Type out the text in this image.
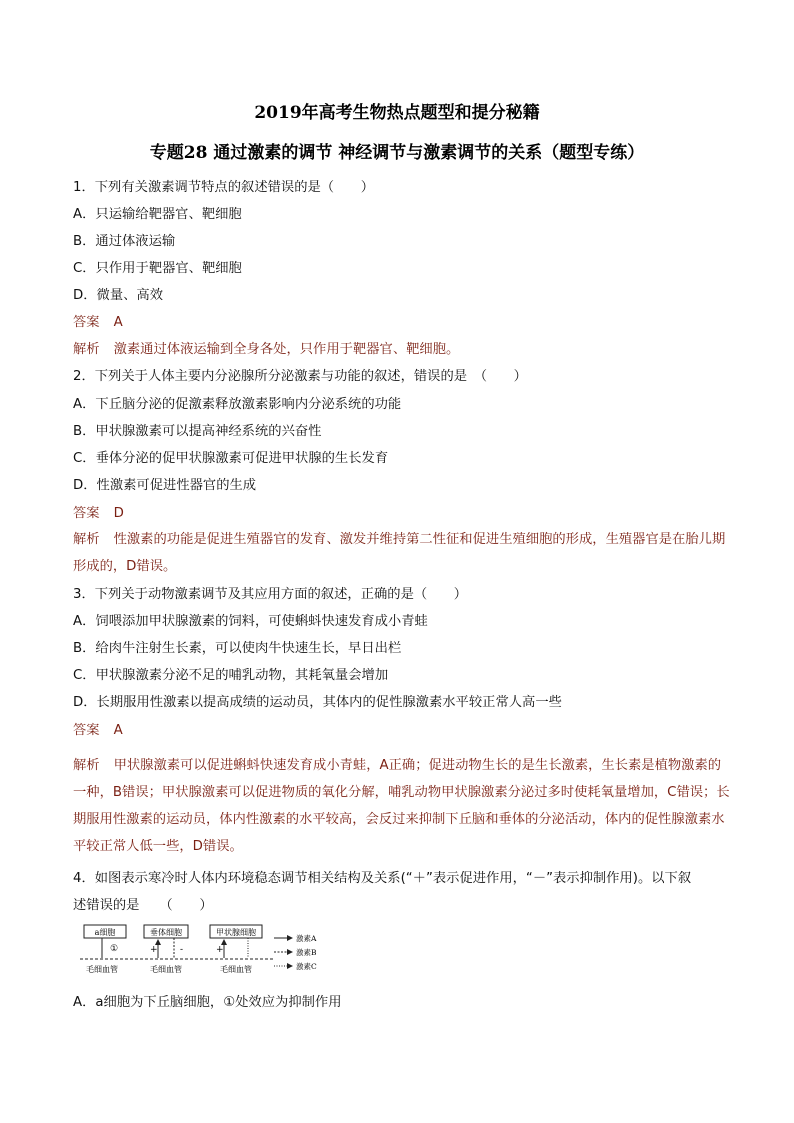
2019年高考生物热点题型和提分秘籍
专题28 通过激素的调节 神经调节与激素调节的关系（题型专练）
1．下列有关激素调节特点的叙述错误的是（　　）
A．只运输给靶器官、靶细胞
B．通过体液运输
C．只作用于靶器官、靶细胞
D．微量、高效
答案 A
解析 激素通过体液运输到全身各处，只作用于靶器官、靶细胞。
2．下列关于人体主要内分泌腺所分泌激素与功能的叙述，错误的是　（　　）
A．下丘脑分泌的促激素释放激素影响内分泌系统的功能
B．甲状腺激素可以提高神经系统的兴奋性
C．垂体分泌的促甲状腺激素可促进甲状腺的生长发育
D．性激素可促进性器官的生成
答案 D
解析 性激素的功能是促进生殖器官的发育、激发并维持第二性征和促进生殖细胞的形成，生殖器官是在胎儿期形成的，D错误。
3．下列关于动物激素调节及其应用方面的叙述，正确的是（　　）
A．饲喂添加甲状腺激素的饲料，可使蝌蚪快速发育成小青蛙
B．给肉牛注射生长素，可以使肉牛快速生长，早日出栏
C．甲状腺激素分泌不足的哺乳动物，其耗氧量会增加
D．长期服用性激素以提高成绩的运动员，其体内的促性腺激素水平较正常人高一些
答案 A
解析 甲状腺激素可以促进蝌蚪快速发育成小青蛙，A正确；促进动物生长的是生长激素，生长素是植物激素的一种，B错误；甲状腺激素可以促进物质的氧化分解，哺乳动物甲状腺激素分泌过多时使耗氧量增加，C错误；长期服用性激素的运动员，体内性激素的水平较高，会反过来抑制下丘脑和垂体的分泌活动，体内的促性腺激素水平较正常人低一些，D错误。
4．如图表示寒冷时人体内环境稳态调节相关结构及关系(“＋”表示促进作用，“－”表示抑制作用)。以下叙
述错误的是　　（　　）
a细胞	垂体细胞	甲状腺细胞
①	+ -	+
毛细血管	毛细血管	毛细血管
激素A
激素B
激素C
A．a细胞为下丘脑细胞，①处效应为抑制作用
